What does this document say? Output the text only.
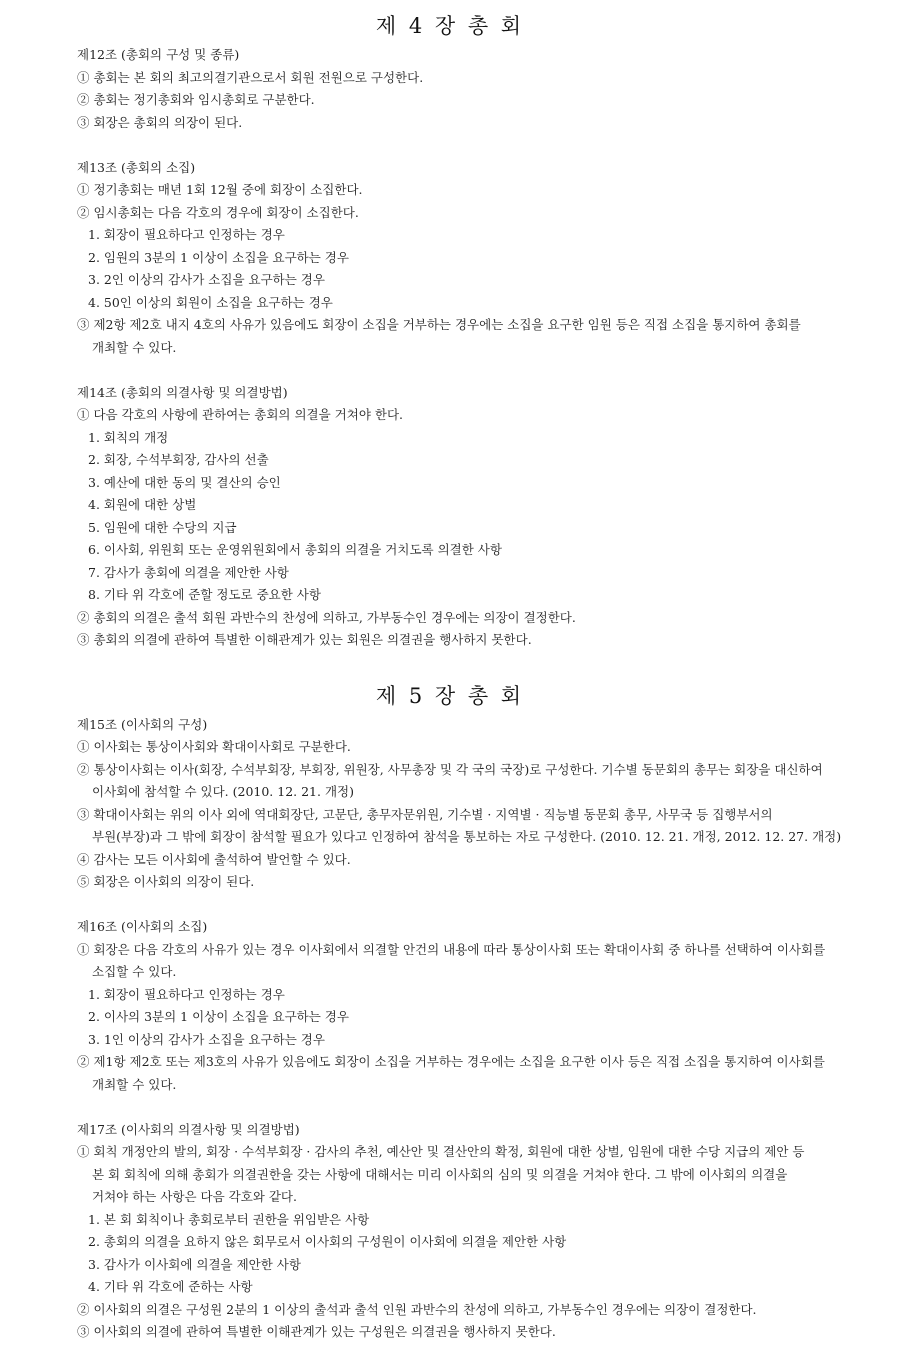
제 4 장 총 회

제12조 (총회의 구성 및 종류)

① 총회는 본 회의 최고의결기관으로서 회원 전원으로 구성한다.

② 총회는 정기총회와 임시총회로 구분한다.

③ 회장은 총회의 의장이 된다.

제13조 (총회의 소집)

① 정기총회는 매년 1회 12월 중에 회장이 소집한다.

② 임시총회는 다음 각호의 경우에 회장이 소집한다.

1. 회장이 필요하다고 인정하는 경우

2. 임원의 3분의 1 이상이 소집을 요구하는 경우

3. 2인 이상의 감사가 소집을 요구하는 경우

4. 50인 이상의 회원이 소집을 요구하는 경우

③ 제2항 제2호 내지 4호의 사유가 있음에도 회장이 소집을 거부하는 경우에는 소집을 요구한 임원 등은 직접 소집을 통지하여 총회를

개최할 수 있다.

제14조 (총회의 의결사항 및 의결방법)

① 다음 각호의 사항에 관하여는 총회의 의결을 거쳐야 한다.

1. 회칙의 개정

2. 회장, 수석부회장, 감사의 선출

3. 예산에 대한 동의 및 결산의 승인

4. 회원에 대한 상벌

5. 임원에 대한 수당의 지급

6. 이사회, 위원회 또는 운영위원회에서 총회의 의결을 거치도록 의결한 사항

7. 감사가 총회에 의결을 제안한 사항

8. 기타 위 각호에 준할 정도로 중요한 사항

② 총회의 의결은 출석 회원 과반수의 찬성에 의하고, 가부동수인 경우에는 의장이 결정한다.

③ 총회의 의결에 관하여 특별한 이해관계가 있는 회원은 의결권을 행사하지 못한다.

제 5 장 총 회

제15조 (이사회의 구성)

① 이사회는 통상이사회와 확대이사회로 구분한다.

② 통상이사회는 이사(회장, 수석부회장, 부회장, 위원장, 사무총장 및 각 국의 국장)로 구성한다. 기수별 동문회의 총무는 회장을 대신하여

이사회에 참석할 수 있다. (2010. 12. 21. 개정)

③ 확대이사회는 위의 이사 외에 역대회장단, 고문단, 총무자문위원, 기수별 · 지역별 · 직능별 동문회 총무, 사무국 등 집행부서의

부원(부장)과 그 밖에 회장이 참석할 필요가 있다고 인정하여 참석을 통보하는 자로 구성한다. (2010. 12. 21. 개정, 2012. 12. 27. 개정)

④ 감사는 모든 이사회에 출석하여 발언할 수 있다.

⑤ 회장은 이사회의 의장이 된다.

제16조 (이사회의 소집)

① 회장은 다음 각호의 사유가 있는 경우 이사회에서 의결할 안건의 내용에 따라 통상이사회 또는 확대이사회 중 하나를 선택하여 이사회를

소집할 수 있다.

1. 회장이 필요하다고 인정하는 경우

2. 이사의 3분의 1 이상이 소집을 요구하는 경우

3. 1인 이상의 감사가 소집을 요구하는 경우

② 제1항 제2호 또는 제3호의 사유가 있음에도 회장이 소집을 거부하는 경우에는 소집을 요구한 이사 등은 직접 소집을 통지하여 이사회를

개최할 수 있다.

제17조 (이사회의 의결사항 및 의결방법)

① 회칙 개정안의 발의, 회장 · 수석부회장 · 감사의 추천, 예산안 및 결산안의 확정, 회원에 대한 상벌, 임원에 대한 수당 지급의 제안 등

본 회 회칙에 의해 총회가 의결권한을 갖는 사항에 대해서는 미리 이사회의 심의 및 의결을 거쳐야 한다. 그 밖에 이사회의 의결을

거쳐야 하는 사항은 다음 각호와 같다.

1. 본 회 회칙이나 총회로부터 권한을 위임받은 사항

2. 총회의 의결을 요하지 않은 회무로서 이사회의 구성원이 이사회에 의결을 제안한 사항

3. 감사가 이사회에 의결을 제안한 사항

4. 기타 위 각호에 준하는 사항

② 이사회의 의결은 구성원 2분의 1 이상의 출석과 출석 인원 과반수의 찬성에 의하고, 가부동수인 경우에는 의장이 결정한다.

③ 이사회의 의결에 관하여 특별한 이해관계가 있는 구성원은 의결권을 행사하지 못한다.
